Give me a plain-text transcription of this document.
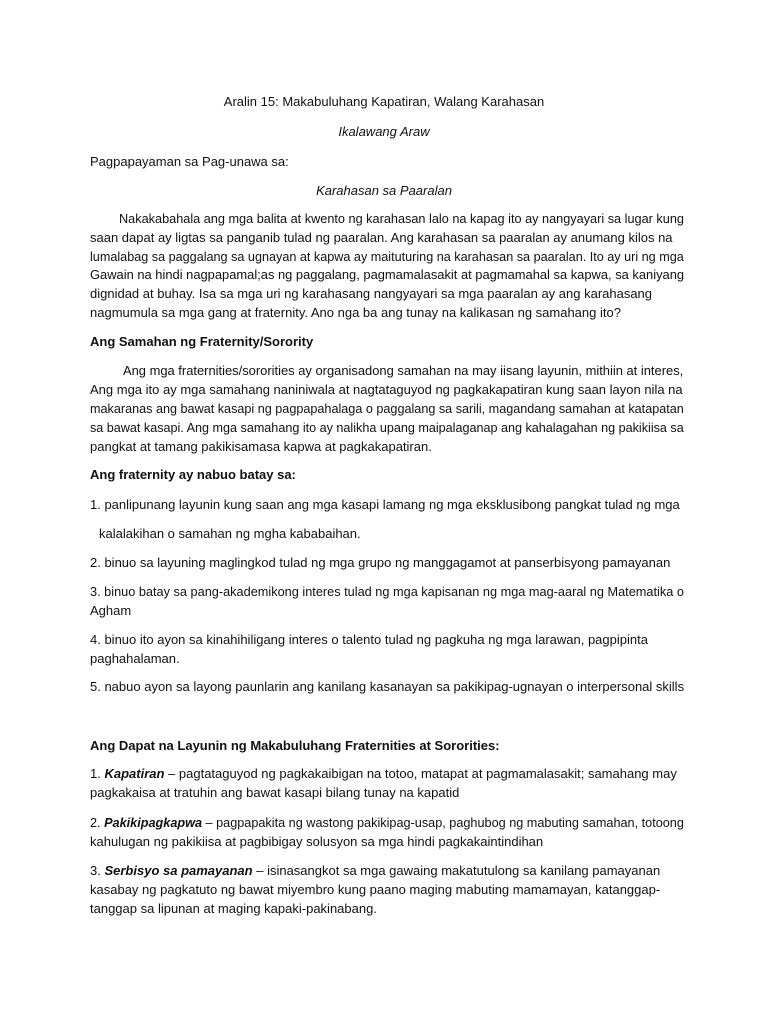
Aralin 15: Makabuluhang Kapatiran, Walang Karahasan
Ikalawang Araw
Pagpapayaman sa Pag-unawa sa:
Karahasan sa Paaralan
Nakakabahala ang mga balita at kwento ng karahasan lalo na kapag ito ay nangyayari sa lugar kung
saan dapat ay ligtas sa panganib tulad ng paaralan. Ang karahasan sa paaralan ay anumang kilos na
lumalabag sa paggalang sa ugnayan at kapwa ay maituturing na karahasan sa paaralan. Ito ay uri ng mga
Gawain na hindi nagpapamal;as ng paggalang, pagmamalasakit at pagmamahal sa kapwa, sa kaniyang
dignidad at buhay. Isa sa mga uri ng karahasang nangyayari sa mga paaralan ay ang karahasang
nagmumula sa mga gang at fraternity. Ano nga ba ang tunay na kalikasan ng samahang ito?
Ang Samahan ng Fraternity/Sorority
Ang mga fraternities/sororities ay organisadong samahan na may iisang layunin, mithiin at interes,
Ang mga ito ay mga samahang naniniwala at nagtataguyod ng pagkakapatiran kung saan layon nila na
makaranas ang bawat kasapi ng pagpapahalaga o paggalang sa sarili, magandang samahan at katapatan
sa bawat kasapi. Ang mga samahang ito ay nalikha upang maipalaganap ang kahalagahan ng pakikiisa sa
pangkat at tamang pakikisamasa kapwa at pagkakapatiran.
Ang fraternity ay nabuo batay sa:
1. panlipunang layunin kung saan ang mga kasapi lamang ng mga eksklusibong pangkat tulad ng mga
kalalakihan o samahan ng mgha kababaihan.
2. binuo sa layuning maglingkod tulad ng mga grupo ng manggagamot at panserbisyong pamayanan
3. binuo batay sa pang-akademikong interes tulad ng mga kapisanan ng mga mag-aaral ng Matematika o
Agham
4. binuo ito ayon sa kinahihiligang interes o talento tulad ng pagkuha ng mga larawan, pagpipinta
paghahalaman.
5. nabuo ayon sa layong paunlarin ang kanilang kasanayan sa pakikipag-ugnayan o interpersonal skills
Ang Dapat na Layunin ng Makabuluhang Fraternities at Sororities:
1. Kapatiran – pagtataguyod ng pagkakaibigan na totoo, matapat at pagmamalasakit; samahang may
pagkakaisa at tratuhin ang bawat kasapi bilang tunay na kapatid
2. Pakikipagkapwa – pagpapakita ng wastong pakikipag-usap, paghubog ng mabuting samahan, totoong
kahulugan ng pakikiisa at pagbibigay solusyon sa mga hindi pagkakaintindihan
3. Serbisyo sa pamayanan – isinasangkot sa mga gawaing makatutulong sa kanilang pamayanan
kasabay ng pagkatuto ng bawat miyembro kung paano maging mabuting mamamayan, katanggap-
tanggap sa lipunan at maging kapaki-pakinabang.
